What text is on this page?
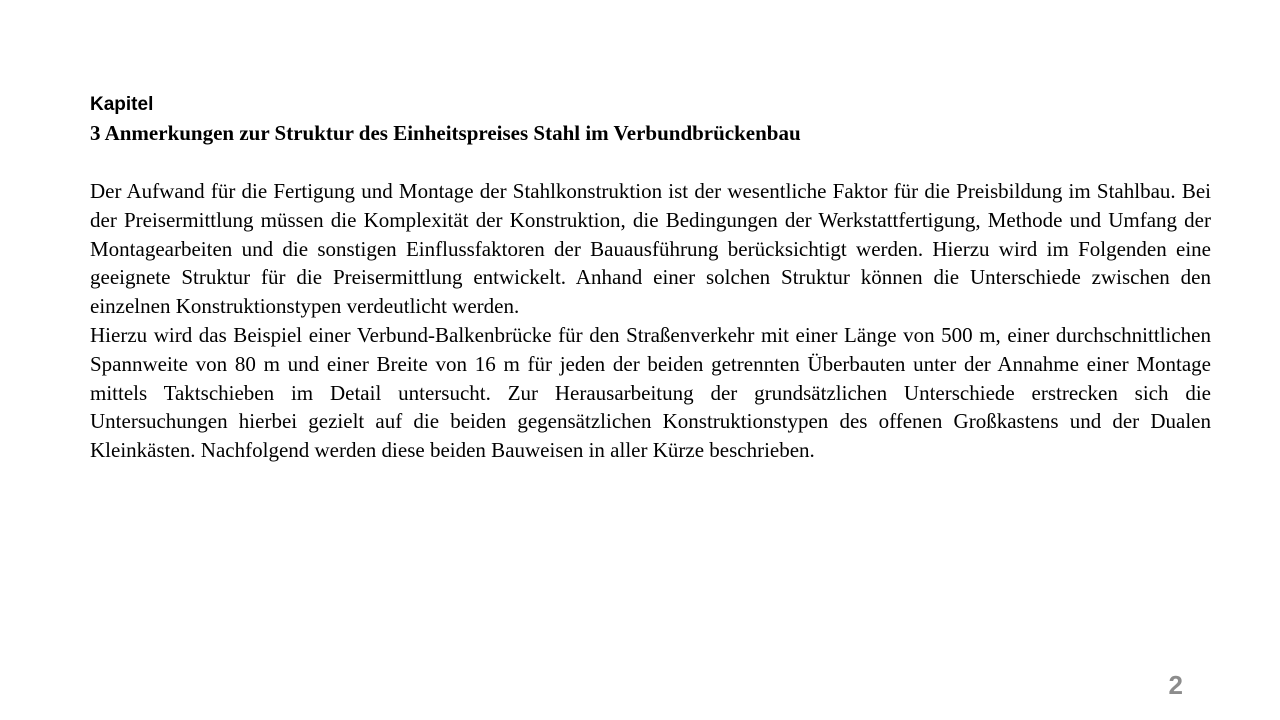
Kapitel

3 Anmerkungen zur Struktur des Einheitspreises Stahl im Verbundbrückenbau

Der Aufwand für die Fertigung und Montage der Stahlkonstruktion ist der wesentliche Faktor für die Preisbildung im Stahlbau. Bei der Preisermittlung müssen die Komplexität der Konstruktion, die Bedingungen der Werkstattfertigung, Methode und Umfang der Montagearbeiten und die sonstigen Einflussfaktoren der Bauausführung berücksichtigt werden. Hierzu wird im Folgenden eine geeignete Struktur für die Preisermittlung entwickelt. Anhand einer solchen Struktur können die Unterschiede zwischen den einzelnen Konstruktionstypen verdeutlicht werden.

Hierzu wird das Beispiel einer Verbund-Balkenbrücke für den Straßenverkehr mit einer Länge von 500 m, einer durchschnittlichen Spannweite von 80 m und einer Breite von 16 m für jeden der beiden getrennten Überbauten unter der Annahme einer Montage mittels Taktschieben im Detail untersucht. Zur Herausarbeitung der grundsätzlichen Unterschiede erstrecken sich die Untersuchungen hierbei gezielt auf die beiden gegensätzlichen Konstruktionstypen des offenen Großkastens und der Dualen Kleinkästen. Nachfolgend werden diese beiden Bauweisen in aller Kürze beschrieben.

2
